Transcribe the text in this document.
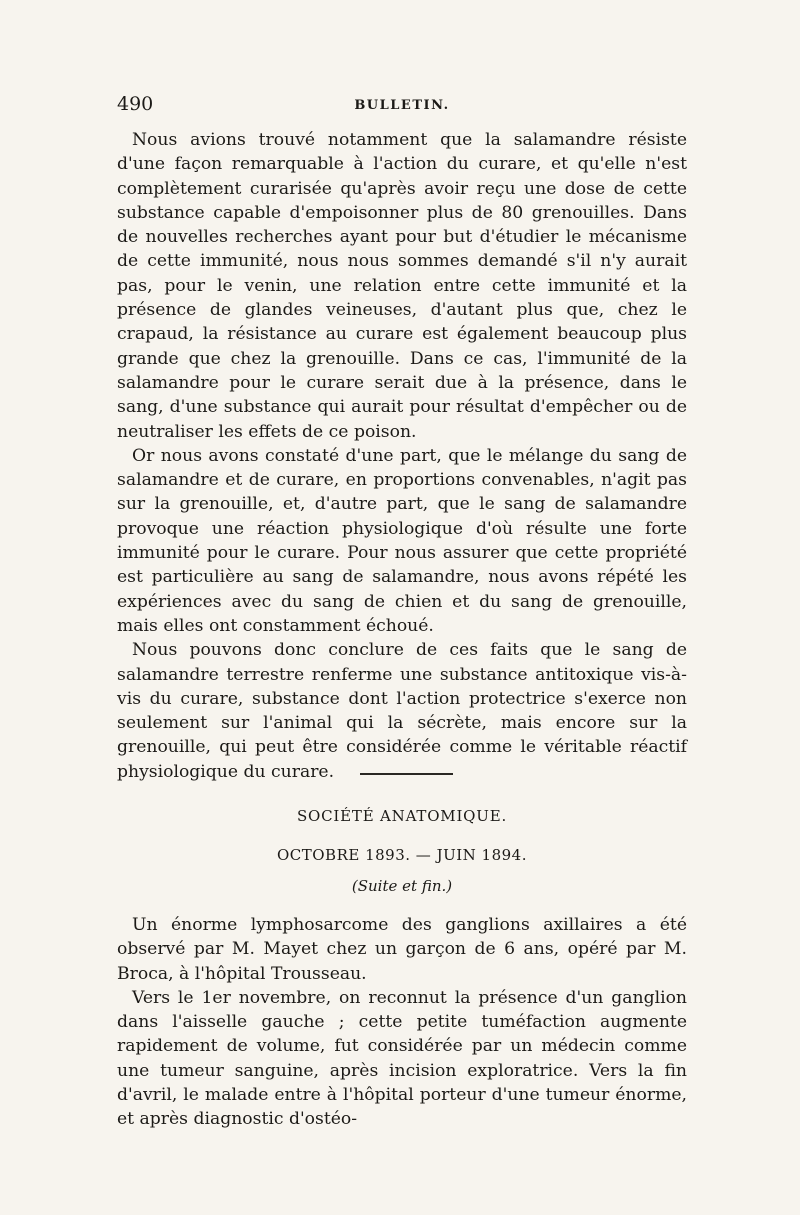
490	BULLETIN.

Nous avions trouvé notamment que la salamandre résiste d'une façon remarquable à l'action du curare, et qu'elle n'est complètement curarisée qu'après avoir reçu une dose de cette substance capable d'empoisonner plus de 80 grenouilles. Dans de nouvelles recherches ayant pour but d'étudier le mécanisme de cette immunité, nous nous sommes demandé s'il n'y aurait pas, pour le venin, une relation entre cette immunité et la présence de glandes veineuses, d'autant plus que, chez le crapaud, la résistance au curare est également beaucoup plus grande que chez la grenouille. Dans ce cas, l'immunité de la salamandre pour le curare serait due à la présence, dans le sang, d'une substance qui aurait pour résultat d'empêcher ou de neutraliser les effets de ce poison.

Or nous avons constaté d'une part, que le mélange du sang de salamandre et de curare, en proportions convenables, n'agit pas sur la grenouille, et, d'autre part, que le sang de salamandre provoque une réaction physiologique d'où résulte une forte immunité pour le curare. Pour nous assurer que cette propriété est particulière au sang de salamandre, nous avons répété les expériences avec du sang de chien et du sang de grenouille, mais elles ont constamment échoué.

Nous pouvons donc conclure de ces faits que le sang de salamandre terrestre renferme une substance antitoxique vis-à-vis du curare, substance dont l'action protectrice s'exerce non seulement sur l'animal qui la sécrète, mais encore sur la grenouille, qui peut être considérée comme le véritable réactif physiologique du curare.

SOCIÉTÉ ANATOMIQUE.
OCTOBRE 1893. — JUIN 1894.
(Suite et fin.)

Un énorme lymphosarcome des ganglions axillaires a été observé par M. Mayet chez un garçon de 6 ans, opéré par M. Broca, à l'hôpital Trousseau.

Vers le 1er novembre, on reconnut la présence d'un ganglion dans l'aisselle gauche ; cette petite tuméfaction augmente rapidement de volume, fut considérée par un médecin comme une tumeur sanguine, après incision exploratrice. Vers la fin d'avril, le malade entre à l'hôpital porteur d'une tumeur énorme, et après diagnostic d'ostéo-
